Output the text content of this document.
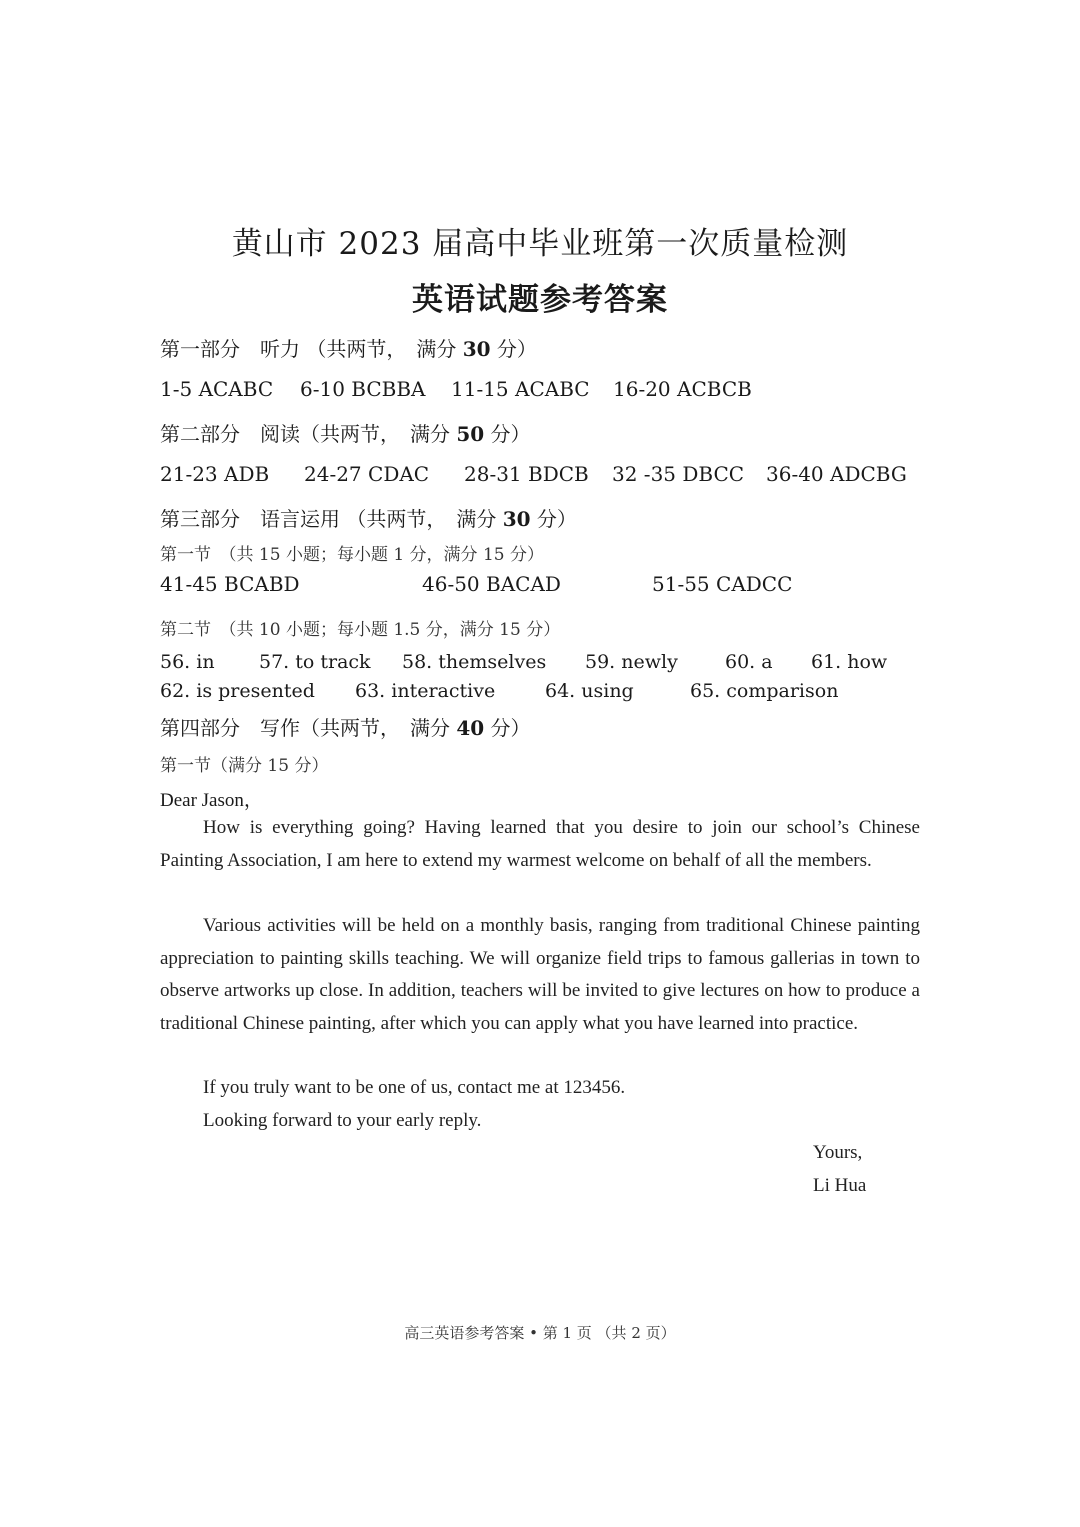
黄山市 2023 届高中毕业班第一次质量检测
英语试题参考答案
第一部分　听力 （共两节，　满分 30 分）
1-5 ACABC 6-10 BCBBA 11-15 ACABC 16-20 ACBCB
第二部分　阅读（共两节，　满分 50 分）
21-23 ADB 24-27 CDAC 28-31 BDCB 32 -35 DBCC 36-40 ADCBG
第三部分　语言运用 （共两节，　满分 30 分）
第一节　（共 15 小题；每小题 1 分，满分 15 分）
41-45 BCABD	46-50 BACAD	51-55 CADCC
第二节　（共 10 小题；每小题 1.5 分，满分 15 分）
56. in 57. to track 58. themselves 59. newly 60. a 61. how
62. is presented 63. interactive	64. using	65. comparison
第四部分　写作（共两节，　满分 40 分）
第一节（满分 15 分）
Dear Jason，
How is everything going? Having learned that you desire to join our school’s Chinese Painting Association, I am here to extend my warmest welcome on behalf of all the members.
Various activities will be held on a monthly basis, ranging from traditional Chinese painting appreciation to painting skills teaching. We will organize field trips to famous gallerias in town to observe artworks up close. In addition, teachers will be invited to give lectures on how to produce a traditional Chinese painting, after which you can apply what you have learned into practice.
If you truly want to be one of us, contact me at 123456.
Looking forward to your early reply.
Yours,
Li Hua
高三英语参考答案 • 第 1 页 （共 2 页）
